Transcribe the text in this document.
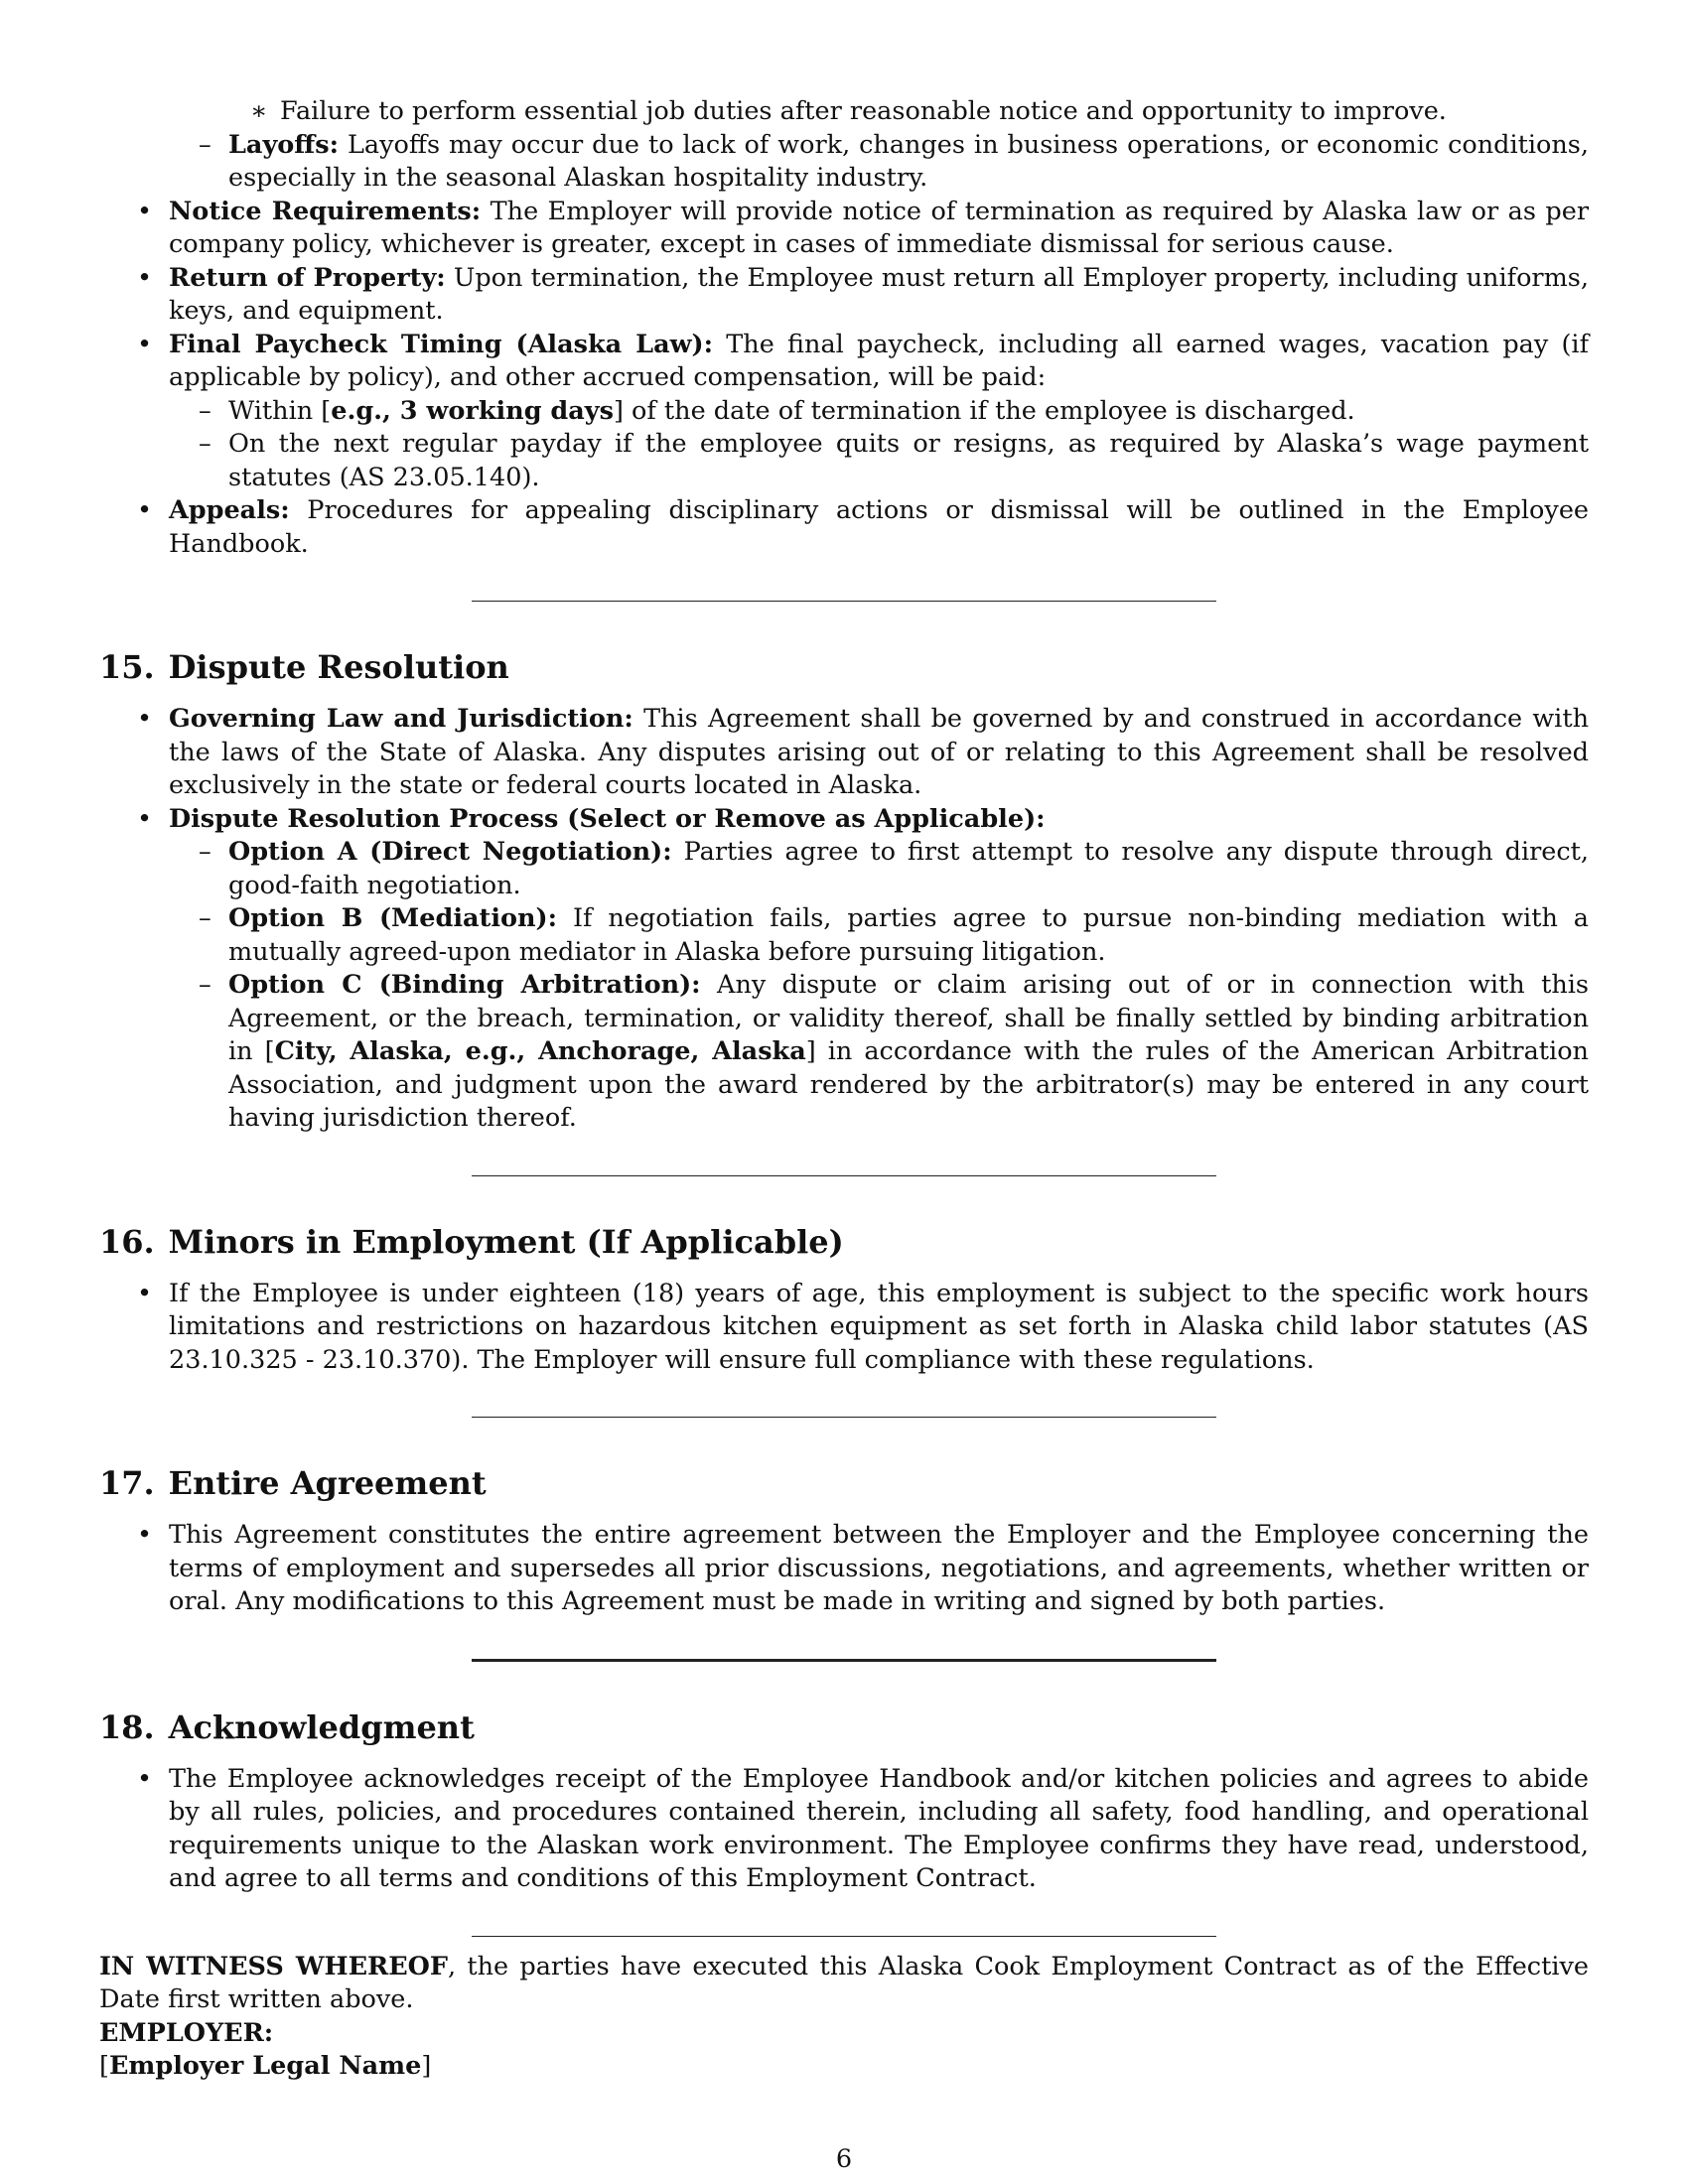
∗ Failure to perform essential job duties after reasonable notice and opportunity to improve.
– Layoffs: Layoffs may occur due to lack of work, changes in business operations, or economic conditions, especially in the seasonal Alaskan hospitality industry.
• Notice Requirements: The Employer will provide notice of termination as required by Alaska law or as per company policy, whichever is greater, except in cases of immediate dismissal for serious cause.
• Return of Property: Upon termination, the Employee must return all Employer property, including uniforms, keys, and equipment.
• Final Paycheck Timing (Alaska Law): The final paycheck, including all earned wages, vacation pay (if applicable by policy), and other accrued compensation, will be paid:
– Within [e.g., 3 working days] of the date of termination if the employee is discharged.
– On the next regular payday if the employee quits or resigns, as required by Alaska’s wage payment statutes (AS 23.05.140).
• Appeals: Procedures for appealing disciplinary actions or dismissal will be outlined in the Employee Handbook.
15. Dispute Resolution
• Governing Law and Jurisdiction: This Agreement shall be governed by and construed in accordance with the laws of the State of Alaska. Any disputes arising out of or relating to this Agreement shall be resolved exclusively in the state or federal courts located in Alaska.
• Dispute Resolution Process (Select or Remove as Applicable):
– Option A (Direct Negotiation): Parties agree to first attempt to resolve any dispute through direct, good-faith negotiation.
– Option B (Mediation): If negotiation fails, parties agree to pursue non-binding mediation with a mutually agreed-upon mediator in Alaska before pursuing litigation.
– Option C (Binding Arbitration): Any dispute or claim arising out of or in connection with this Agreement, or the breach, termination, or validity thereof, shall be finally settled by binding arbitration in [City, Alaska, e.g., Anchorage, Alaska] in accordance with the rules of the American Arbitration Association, and judgment upon the award rendered by the arbitrator(s) may be entered in any court having jurisdiction thereof.
16. Minors in Employment (If Applicable)
• If the Employee is under eighteen (18) years of age, this employment is subject to the specific work hours limitations and restrictions on hazardous kitchen equipment as set forth in Alaska child labor statutes (AS 23.10.325 - 23.10.370). The Employer will ensure full compliance with these regulations.
17. Entire Agreement
• This Agreement constitutes the entire agreement between the Employer and the Employee concerning the terms of employment and supersedes all prior discussions, negotiations, and agreements, whether written or oral. Any modifications to this Agreement must be made in writing and signed by both parties.
18. Acknowledgment
• The Employee acknowledges receipt of the Employee Handbook and/or kitchen policies and agrees to abide by all rules, policies, and procedures contained therein, including all safety, food handling, and operational requirements unique to the Alaskan work environment. The Employee confirms they have read, understood, and agree to all terms and conditions of this Employment Contract.

IN WITNESS WHEREOF, the parties have executed this Alaska Cook Employment Contract as of the Effective Date first written above.

EMPLOYER:

[Employer Legal Name]

6
